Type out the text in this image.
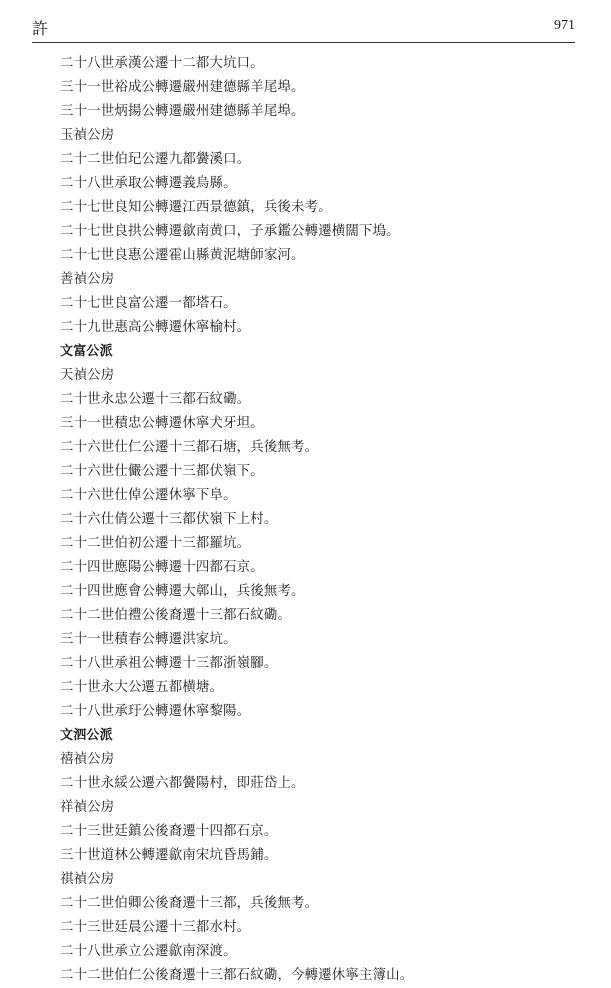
許	971
二十八世承漢公遷十二都大坑口。
三十一世裕成公轉遷嚴州建德縣羊尾埠。
三十一世炳揚公轉遷嚴州建德縣羊尾埠。
玉禎公房
二十二世伯玘公遷九都黌溪口。
二十八世承取公轉遷義烏縣。
二十七世良知公轉遷江西景德鎮，兵後未考。
二十七世良拱公轉遷歙南黄口，子承鑑公轉遷横闊下塢。
二十七世良惠公遷霍山縣黄泥塘師家河。
善禎公房
二十七世良富公遷一都塔石。
二十九世惠高公轉遷休寧榆村。
文富公派
天禎公房
二十世永忠公遷十三都石紋磡。
三十一世積忠公轉遷休寧犬牙坦。
二十六世仕仁公遷十三都石塘，兵後無考。
二十六世仕儼公遷十三都伏嶺下。
二十六世仕倬公遷休寧下阜。
二十六仕倩公遷十三都伏嶺下上村。
二十二世伯初公遷十三都羅坑。
二十四世應陽公轉遷十四都石京。
二十四世應會公轉遷大鄣山，兵後無考。
二十二世伯禮公後裔遷十三都石紋磡。
三十一世積春公轉遷洪家坑。
二十八世承祖公轉遷十三都浙嶺腳。
二十世永大公遷五都横塘。
二十八世承玗公轉遷休寧黎陽。
文泗公派
禧禎公房
二十世永綏公遷六都黌陽村，即莊岱上。
祥禎公房
二十三世廷鎮公後裔遷十四都石京。
三十世道林公轉遷歙南宋坑昏馬鋪。
祺禎公房
二十二世伯卿公後裔遷十三都，兵後無考。
二十三世廷晨公遷十三都水村。
二十八世承立公遷歙南深渡。
二十二世伯仁公後裔遷十三都石紋磡，今轉遷休寧主簿山。
